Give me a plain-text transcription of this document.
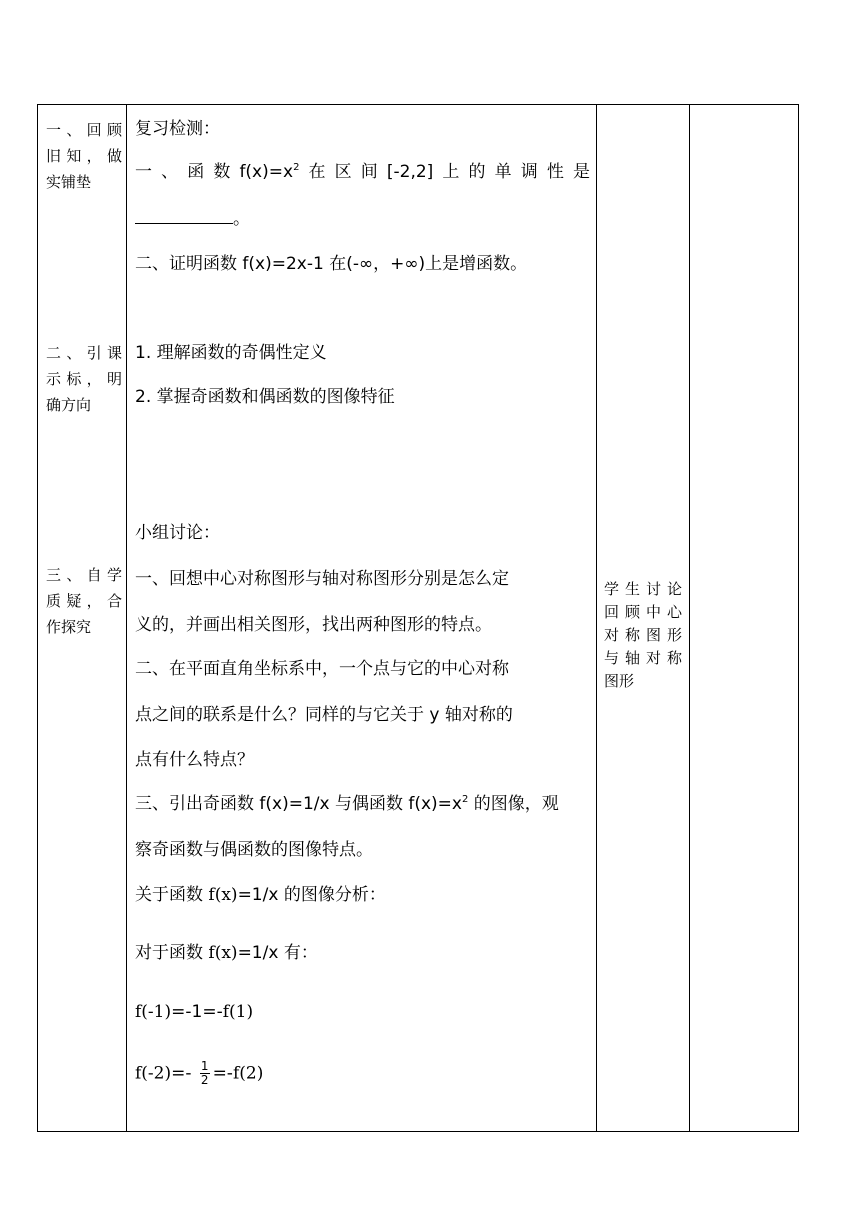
一、回顾
旧知，做
实铺垫
二、引课
示标，明
确方向
三、自学
质疑，合
作探究
复习检测：
一 、 函 数 $f(x)=x^2$ 在 区 间 [-2,2] 上 的 单 调 性 是
。
二、证明函数 f(x)=2x-1 在(-∞，+∞)上是增函数。
1. 理解函数的奇偶性定义
2. 掌握奇函数和偶函数的图像特征
小组讨论：
一、回想中心对称图形与轴对称图形分别是怎么定
义的，并画出相关图形，找出两种图形的特点。
二、在平面直角坐标系中，一个点与它的中心对称
点之间的联系是什么？同样的与它关于 y 轴对称的
点有什么特点？
三、引出奇函数 f(x)=1/x 与偶函数 $f(x)=x^2$ 的图像，观
察奇函数与偶函数的图像特点。
关于函数 f(x)=1/x 的图像分析：
对于函数 f(x)=1/x 有：
f(-1)=-1=-f(1)
$f(-2)=- \frac{1}{2} =-f(2)$
学生讨论
回顾中心
对称图形
与轴对称
图形
